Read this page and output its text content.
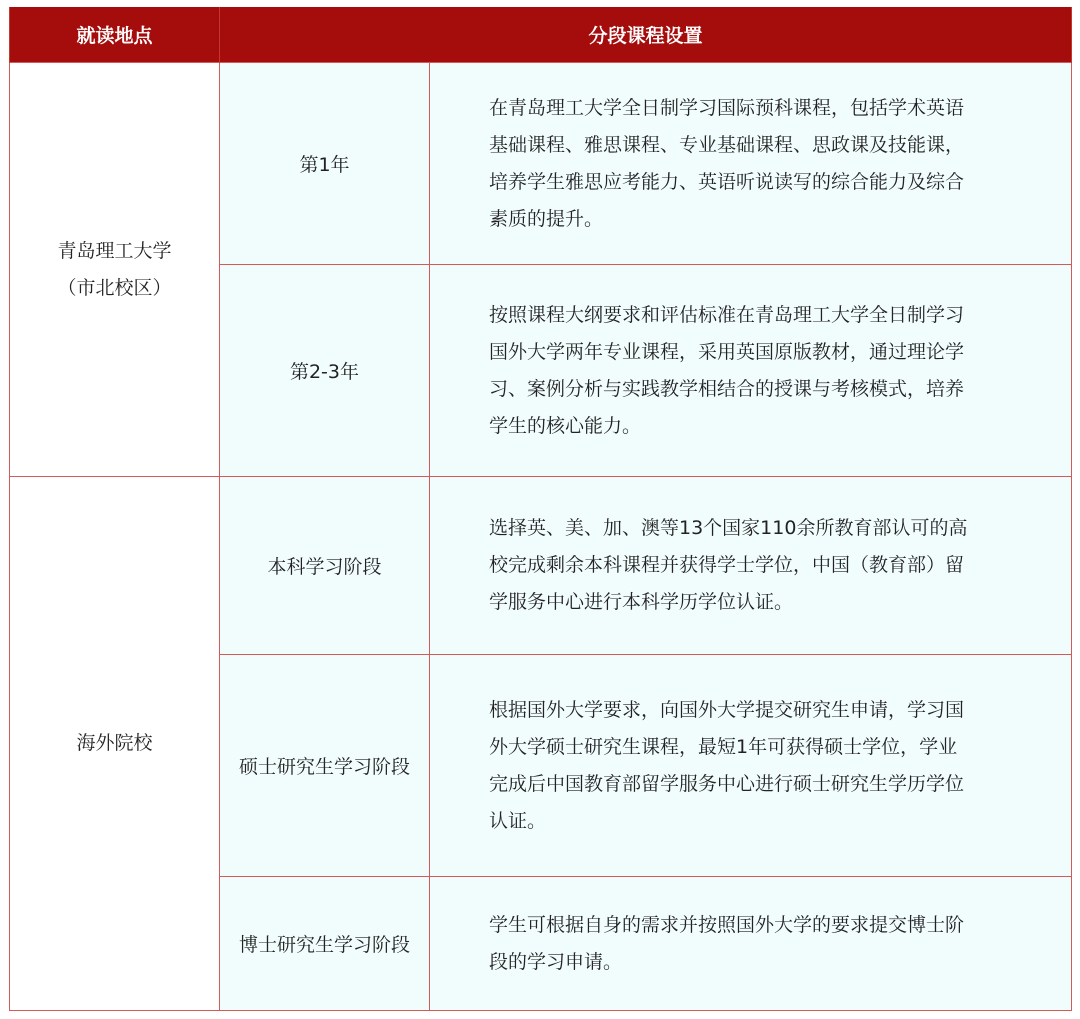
就读地点	分段课程设置	

青岛理工大学
（市北校区）	第1年	在青岛理工大学全日制学习国际预科课程，包括学术英语
基础课程、雅思课程、专业基础课程、思政课及技能课，
培养学生雅思应考能力、英语听说读写的综合能力及综合
素质的提升。

	第2-3年	按照课程大纲要求和评估标准在青岛理工大学全日制学习
国外大学两年专业课程，采用英国原版教材，通过理论学
习、案例分析与实践教学相结合的授课与考核模式，培养
学生的核心能力。

海外院校	本科学习阶段	选择英、美、加、澳等13个国家110余所教育部认可的高
校完成剩余本科课程并获得学士学位，中国（教育部）留
学服务中心进行本科学历学位认证。

	硕士研究生学习阶段	根据国外大学要求，向国外大学提交研究生申请，学习国
外大学硕士研究生课程，最短1年可获得硕士学位，学业
完成后中国教育部留学服务中心进行硕士研究生学历学位
认证。

	博士研究生学习阶段	学生可根据自身的需求并按照国外大学的要求提交博士阶
段的学习申请。
